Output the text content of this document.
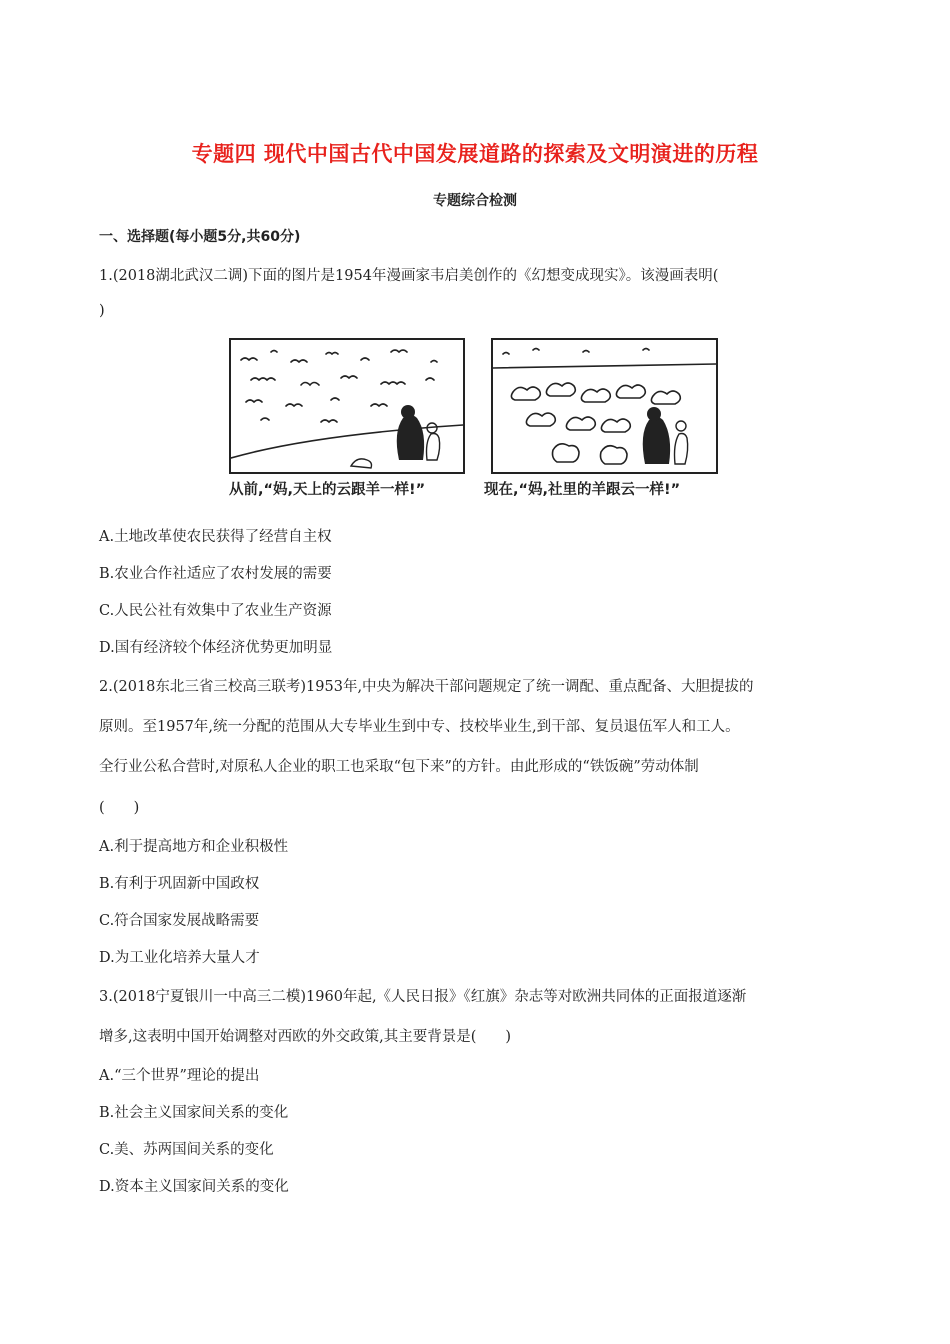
专题四 现代中国古代中国发展道路的探索及文明演进的历程
专题综合检测
一、选择题(每小题5分,共60分)
1.(2018湖北武汉二调)下面的图片是1954年漫画家韦启美创作的《幻想变成现实》。该漫画表明(
)
从前,“妈,天上的云跟羊一样!”	现在,“妈,社里的羊跟云一样!”
A.土地改革使农民获得了经营自主权
B.农业合作社适应了农村发展的需要
C.人民公社有效集中了农业生产资源
D.国有经济较个体经济优势更加明显
2.(2018东北三省三校高三联考)1953年,中央为解决干部问题规定了统一调配、重点配备、大胆提拔的
原则。至1957年,统一分配的范围从大专毕业生到中专、技校毕业生,到干部、复员退伍军人和工人。
全行业公私合营时,对原私人企业的职工也采取“包下来”的方针。由此形成的“铁饭碗”劳动体制
(　　)
A.利于提高地方和企业积极性
B.有利于巩固新中国政权
C.符合国家发展战略需要
D.为工业化培养大量人才
3.(2018宁夏银川一中高三二模)1960年起,《人民日报》《红旗》杂志等对欧洲共同体的正面报道逐渐
增多,这表明中国开始调整对西欧的外交政策,其主要背景是(　　)
A.“三个世界”理论的提出
B.社会主义国家间关系的变化
C.美、苏两国间关系的变化
D.资本主义国家间关系的变化
